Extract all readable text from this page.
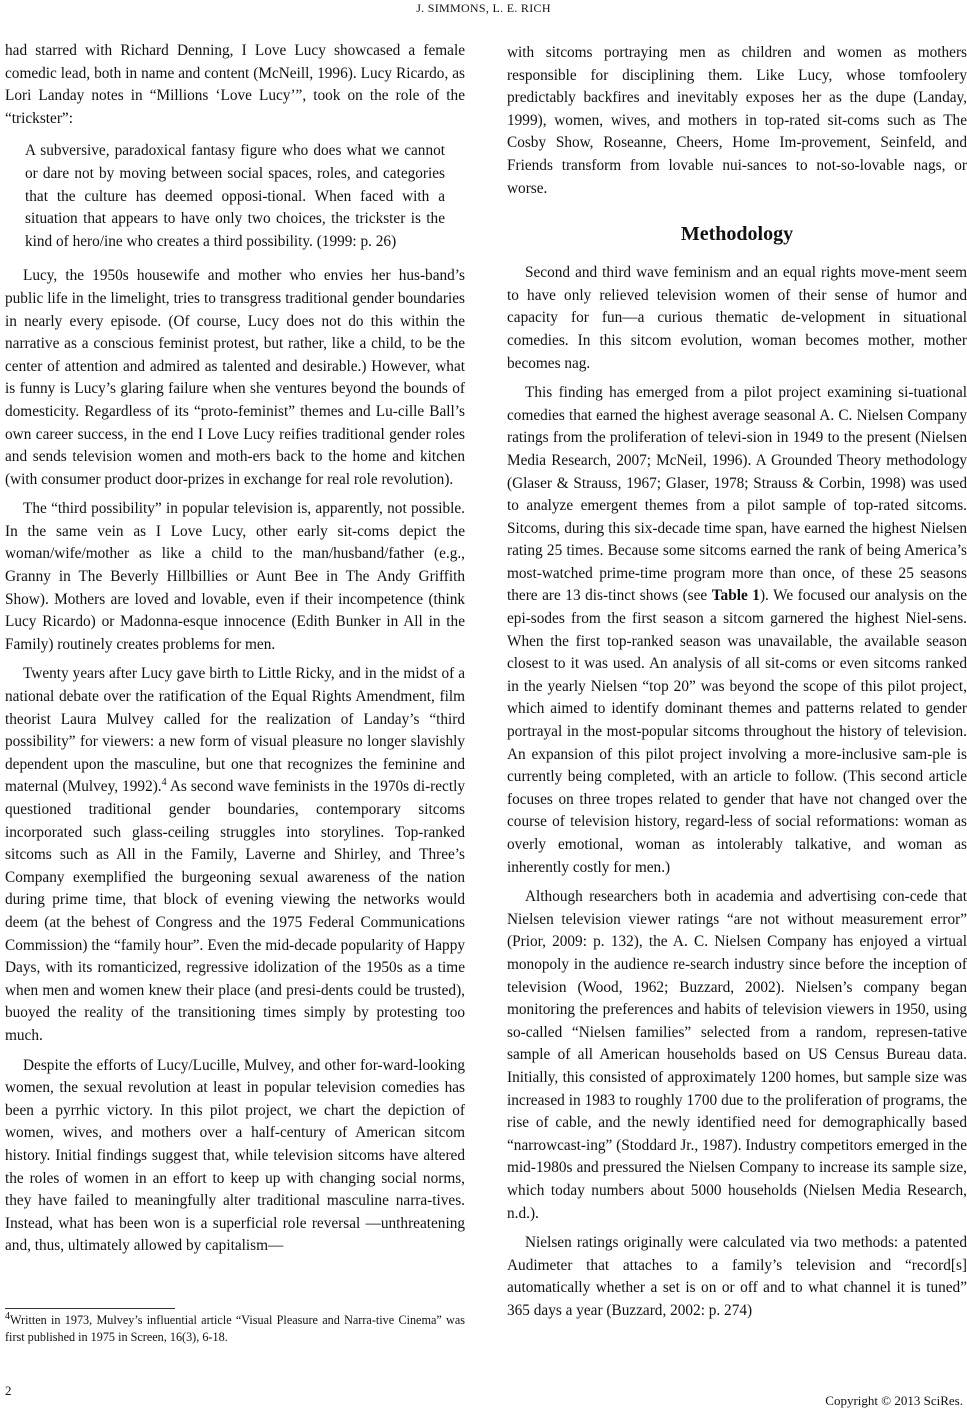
J. SIMMONS, L. E. RICH

had starred with Richard Denning, I Love Lucy showcased a female comedic lead, both in name and content (McNeill, 1996). Lucy Ricardo, as Lori Landay notes in “Millions ‘Love Lucy’”, took on the role of the “trickster”:

A subversive, paradoxical fantasy figure who does what we cannot or dare not by moving between social spaces, roles, and categories that the culture has deemed opposi-tional. When faced with a situation that appears to have only two choices, the trickster is the kind of hero/ine who creates a third possibility. (1999: p. 26)

Lucy, the 1950s housewife and mother who envies her hus-band’s public life in the limelight, tries to transgress traditional gender boundaries in nearly every episode. (Of course, Lucy does not do this within the narrative as a conscious feminist protest, but rather, like a child, to be the center of attention and admired as talented and desirable.) However, what is funny is Lucy’s glaring failure when she ventures beyond the bounds of domesticity. Regardless of its “proto-feminist” themes and Lu-cille Ball’s own career success, in the end I Love Lucy reifies traditional gender roles and sends television women and moth-ers back to the home and kitchen (with consumer product door-prizes in exchange for real role revolution).

The “third possibility” in popular television is, apparently, not possible. In the same vein as I Love Lucy, other early sit-coms depict the woman/wife/mother as like a child to the man/husband/father (e.g., Granny in The Beverly Hillbillies or Aunt Bee in The Andy Griffith Show). Mothers are loved and lovable, even if their incompetence (think Lucy Ricardo) or Madonna-esque innocence (Edith Bunker in All in the Family) routinely creates problems for men.

Twenty years after Lucy gave birth to Little Ricky, and in the midst of a national debate over the ratification of the Equal Rights Amendment, film theorist Laura Mulvey called for the realization of Landay’s “third possibility” for viewers: a new form of visual pleasure no longer slavishly dependent upon the masculine, but one that recognizes the feminine and maternal (Mulvey, 1992).$^4$ As second wave feminists in the 1970s di-rectly questioned traditional gender boundaries, contemporary sitcoms incorporated such glass-ceiling struggles into storylines. Top-ranked sitcoms such as All in the Family, Laverne and Shirley, and Three’s Company exemplified the burgeoning sexual awareness of the nation during prime time, that block of evening viewing the networks would deem (at the behest of Congress and the 1975 Federal Communications Commission) the “family hour”. Even the mid-decade popularity of Happy Days, with its romanticized, regressive idolization of the 1950s as a time when men and women knew their place (and presi-dents could be trusted), buoyed the reality of the transitioning times simply by protesting too much.

Despite the efforts of Lucy/Lucille, Mulvey, and other for-ward-looking women, the sexual revolution at least in popular television comedies has been a pyrrhic victory. In this pilot project, we chart the depiction of women, wives, and mothers over a half-century of American sitcom history. Initial findings suggest that, while television sitcoms have altered the roles of women in an effort to keep up with changing social norms, they have failed to meaningfully alter traditional masculine narra-tives. Instead, what has been won is a superficial role reversal —unthreatening and, thus, ultimately allowed by capitalism—

with sitcoms portraying men as children and women as mothers responsible for disciplining them. Like Lucy, whose tomfoolery predictably backfires and inevitably exposes her as the dupe (Landay, 1999), women, wives, and mothers in top-rated sit-coms such as The Cosby Show, Roseanne, Cheers, Home Im-provement, Seinfeld, and Friends transform from lovable nui-sances to not-so-lovable nags, or worse.

Methodology

Second and third wave feminism and an equal rights move-ment seem to have only relieved television women of their sense of humor and capacity for fun—a curious thematic de-velopment in situational comedies. In this sitcom evolution, woman becomes mother, mother becomes nag.

This finding has emerged from a pilot project examining si-tuational comedies that earned the highest average seasonal A. C. Nielsen Company ratings from the proliferation of televi-sion in 1949 to the present (Nielsen Media Research, 2007; McNeil, 1996). A Grounded Theory methodology (Glaser & Strauss, 1967; Glaser, 1978; Strauss & Corbin, 1998) was used to analyze emergent themes from a pilot sample of top-rated sitcoms. Sitcoms, during this six-decade time span, have earned the highest Nielsen rating 25 times. Because some sitcoms earned the rank of being America’s most-watched prime-time program more than once, of these 25 seasons there are 13 dis-tinct shows (see Table 1). We focused our analysis on the epi-sodes from the first season a sitcom garnered the highest Niel-sens. When the first top-ranked season was unavailable, the available season closest to it was used. An analysis of all sit-coms or even sitcoms ranked in the yearly Nielsen “top 20” was beyond the scope of this pilot project, which aimed to identify dominant themes and patterns related to gender portrayal in the most-popular sitcoms throughout the history of television. An expansion of this pilot project involving a more-inclusive sam-ple is currently being completed, with an article to follow. (This second article focuses on three tropes related to gender that have not changed over the course of television history, regard-less of social reformations: woman as overly emotional, woman as intolerably talkative, and woman as inherently costly for men.)

Although researchers both in academia and advertising con-cede that Nielsen television viewer ratings “are not without measurement error” (Prior, 2009: p. 132), the A. C. Nielsen Company has enjoyed a virtual monopoly in the audience re-search industry since before the inception of television (Wood, 1962; Buzzard, 2002). Nielsen’s company began monitoring the preferences and habits of television viewers in 1950, using so-called “Nielsen families” selected from a random, represen-tative sample of all American households based on US Census Bureau data. Initially, this consisted of approximately 1200 homes, but sample size was increased in 1983 to roughly 1700 due to the proliferation of programs, the rise of cable, and the newly identified need for demographically based “narrowcast-ing” (Stoddard Jr., 1987). Industry competitors emerged in the mid-1980s and pressured the Nielsen Company to increase its sample size, which today numbers about 5000 households (Nielsen Media Research, n.d.).

Nielsen ratings originally were calculated via two methods: a patented Audimeter that attaches to a family’s television and “record[s] automatically whether a set is on or off and to what channel it is tuned” 365 days a year (Buzzard, 2002: p. 274)

$^4$Written in 1973, Mulvey’s influential article “Visual Pleasure and Narra-tive Cinema” was first published in 1975 in Screen, 16(3), 6-18.
2
Copyright © 2013 SciRes.
